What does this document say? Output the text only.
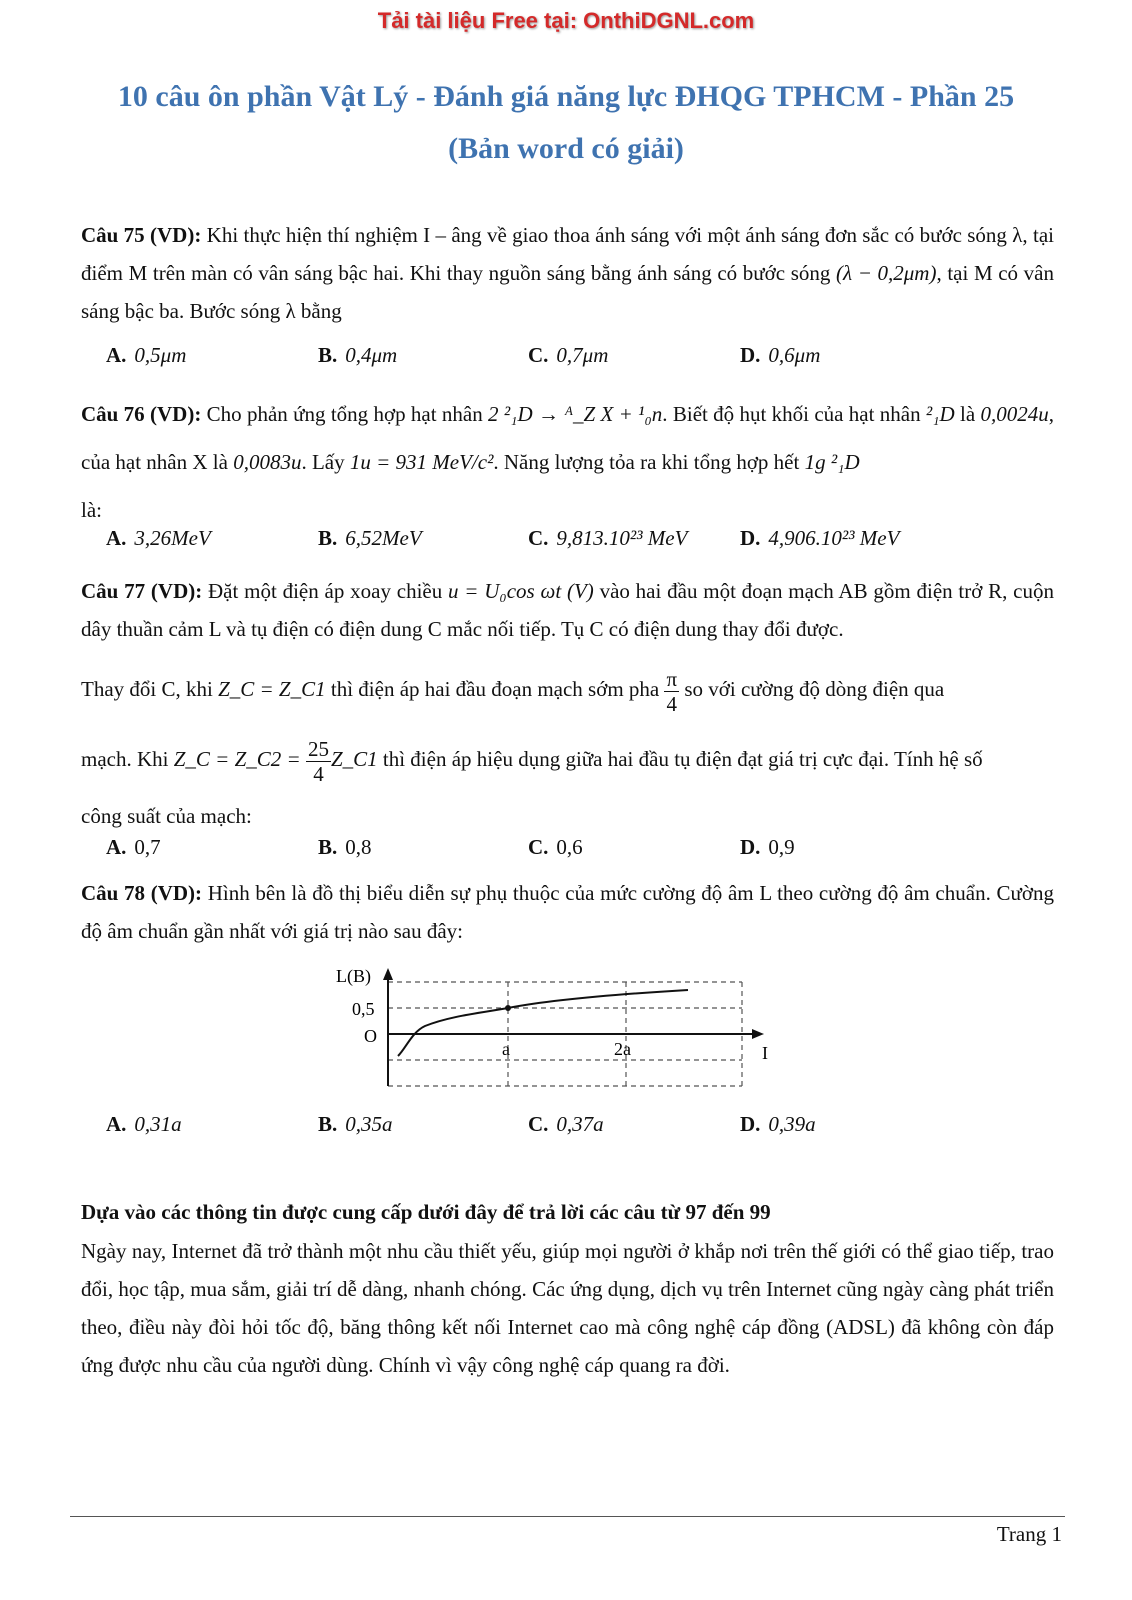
Tải tài liệu Free tại: OnthiDGNL.com
10 câu ôn phần Vật Lý - Đánh giá năng lực ĐHQG TPHCM - Phần 25
(Bản word có giải)
Câu 75 (VD): Khi thực hiện thí nghiệm I – âng về giao thoa ánh sáng với một ánh sáng đơn sắc có bước sóng λ, tại điểm M trên màn có vân sáng bậc hai. Khi thay nguồn sáng bằng ánh sáng có bước sóng (λ − 0,2μm), tại M có vân sáng bậc ba. Bước sóng λ bằng
A. 0,5μm	B. 0,4μm	C. 0,7μm	D. 0,6μm
Câu 76 (VD): Cho phản ứng tổng hợp hạt nhân 2 ²₁D → ᴬ_Z X + ¹₀n. Biết độ hụt khối của hạt nhân ²₁D là 0,0024u, của hạt nhân X là 0,0083u. Lấy 1u = 931 MeV/c². Năng lượng tỏa ra khi tổng hợp hết 1g ²₁D
là:
A. 3,26MeV	B. 6,52MeV	C. 9,813.10²³ MeV	D. 4,906.10²³ MeV
Câu 77 (VD): Đặt một điện áp xoay chiều u = U₀cos ωt (V) vào hai đầu một đoạn mạch AB gồm điện trở R, cuộn dây thuần cảm L và tụ điện có điện dung C mắc nối tiếp. Tụ C có điện dung thay đổi được.
Thay đổi C, khi Z_C = Z_C1 thì điện áp hai đầu đoạn mạch sớm pha $\frac{\pi}{4}$ so với cường độ dòng điện qua
mạch. Khi Z_C = Z_C2 = $\frac{25}{4}$ Z_C1 thì điện áp hiệu dụng giữa hai đầu tụ điện đạt giá trị cực đại. Tính hệ số
công suất của mạch:
A. 0,7	B. 0,8	C. 0,6	D. 0,9
Câu 78 (VD): Hình bên là đồ thị biểu diễn sự phụ thuộc của mức cường độ âm L theo cường độ âm chuẩn. Cường độ âm chuẩn gần nhất với giá trị nào sau đây:
L(B)
0,5
O
a	2a	I
A. 0,31a	B. 0,35a	C. 0,37a	D. 0,39a
Dựa vào các thông tin được cung cấp dưới đây để trả lời các câu từ 97 đến 99
Ngày nay, Internet đã trở thành một nhu cầu thiết yếu, giúp mọi người ở khắp nơi trên thế giới có thể giao tiếp, trao đổi, học tập, mua sắm, giải trí dễ dàng, nhanh chóng. Các ứng dụng, dịch vụ trên Internet cũng ngày càng phát triển theo, điều này đòi hỏi tốc độ, băng thông kết nối Internet cao mà công nghệ cáp đồng (ADSL) đã không còn đáp ứng được nhu cầu của người dùng. Chính vì vậy công nghệ cáp quang ra đời.
Trang 1
